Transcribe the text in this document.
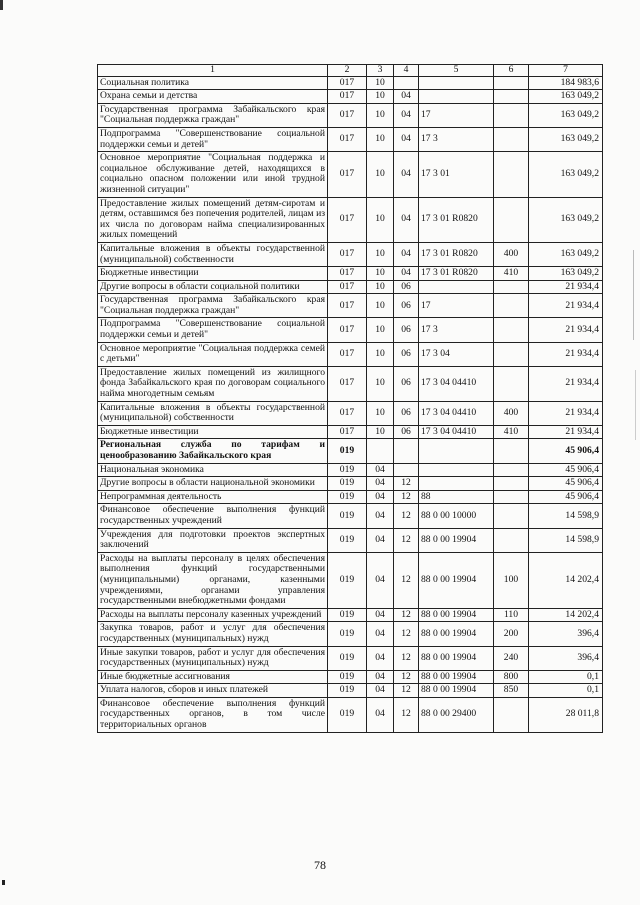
1	2	3	4	5	6	7
Социальная политика	017	10				184 983,6
Охрана семьи и детства	017	10	04			163 049,2
Государственная программа Забайкальского края "Социальная поддержка граждан"	017	10	04	17		163 049,2
Подпрограмма "Совершенствование социальной поддержки семьи и детей"	017	10	04	17 3		163 049,2
Основное мероприятие "Социальная поддержка и социальное обслуживание детей, находящихся в социально опасном положении или иной трудной жизненной ситуации"	017	10	04	17 3 01		163 049,2
Предоставление жилых помещений детям-сиротам и детям, оставшимся без попечения родителей, лицам из их числа по договорам найма специализированных жилых помещений	017	10	04	17 3 01 R0820		163 049,2
Капитальные вложения в объекты государственной (муниципальной) собственности	017	10	04	17 3 01 R0820	400	163 049,2
Бюджетные инвестиции	017	10	04	17 3 01 R0820	410	163 049,2
Другие вопросы в области социальной политики	017	10	06			21 934,4
Государственная программа Забайкальского края "Социальная поддержка граждан"	017	10	06	17		21 934,4
Подпрограмма "Совершенствование социальной поддержки семьи и детей"	017	10	06	17 3		21 934,4
Основное мероприятие "Социальная поддержка семей с детьми"	017	10	06	17 3 04		21 934,4
Предоставление жилых помещений из жилищного фонда Забайкальского края по договорам социального найма многодетным семьям	017	10	06	17 3 04 04410		21 934,4
Капитальные вложения в объекты государственной (муниципальной) собственности	017	10	06	17 3 04 04410	400	21 934,4
Бюджетные инвестиции	017	10	06	17 3 04 04410	410	21 934,4
Региональная служба по тарифам и ценообразованию Забайкальского края	019					45 906,4
Национальная экономика	019	04				45 906,4
Другие вопросы в области национальной экономики	019	04	12			45 906,4
Непрограммная деятельность	019	04	12	88		45 906,4
Финансовое обеспечение выполнения функций государственных учреждений	019	04	12	88 0 00 10000		14 598,9
Учреждения для подготовки проектов экспертных заключений	019	04	12	88 0 00 19904		14 598,9
Расходы на выплаты персоналу в целях обеспечения выполнения функций государственными (муниципальными) органами, казенными учреждениями, органами управления государственными внебюджетными фондами	019	04	12	88 0 00 19904	100	14 202,4
Расходы на выплаты персоналу казенных учреждений	019	04	12	88 0 00 19904	110	14 202,4
Закупка товаров, работ и услуг для обеспечения государственных (муниципальных) нужд	019	04	12	88 0 00 19904	200	396,4
Иные закупки товаров, работ и услуг для обеспечения государственных (муниципальных) нужд	019	04	12	88 0 00 19904	240	396,4
Иные бюджетные ассигнования	019	04	12	88 0 00 19904	800	0,1
Уплата налогов, сборов и иных платежей	019	04	12	88 0 00 19904	850	0,1
Финансовое обеспечение выполнения функций государственных органов, в том числе территориальных органов	019	04	12	88 0 00 29400		28 011,8
78
